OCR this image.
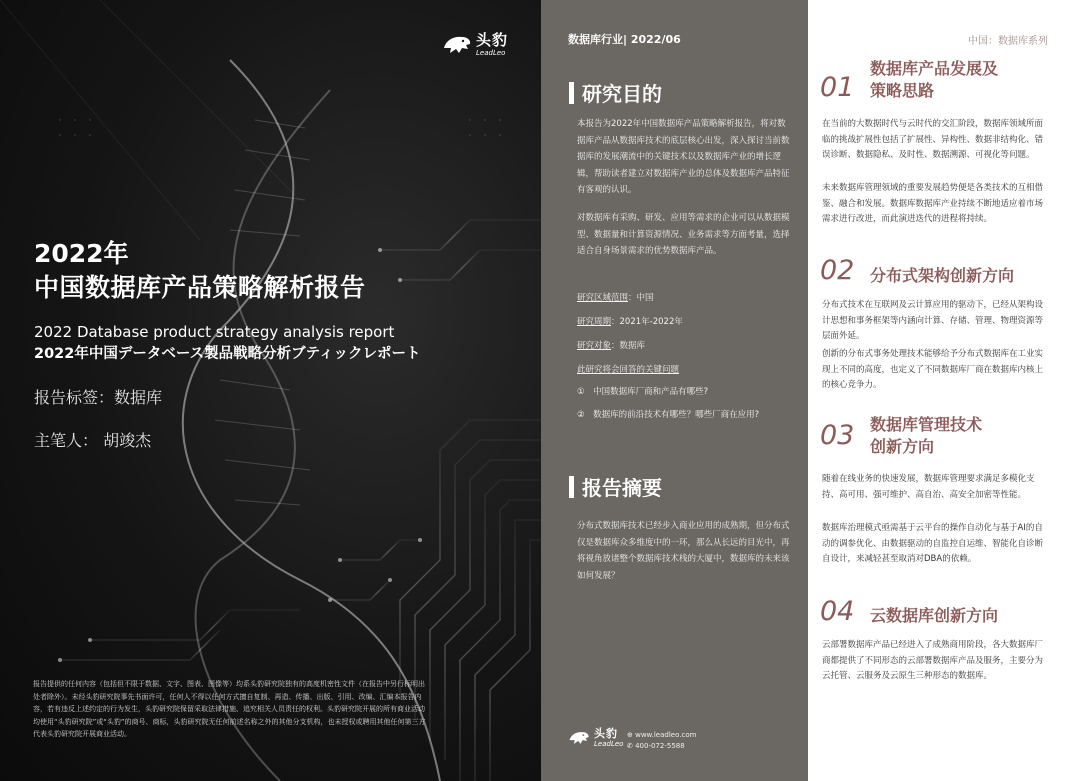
头豹
LeadLeo
2022年
中国数据库产品策略解析报告
2022 Database product strategy analysis report
2022年中国データベース製品戦略分析ブティックレポート
报告标签：数据库
主笔人： 胡竣杰
报告提供的任何内容（包括但不限于数据、文字、图表、图像等）均系头豹研究院独有的高度机密性文件（在报告中另行标明出处者除外）。未经头豹研究院事先书面许可，任何人不得以任何方式擅自复制、再造、传播、出版、引用、改编、汇编本报告内容，若有违反上述约定的行为发生，头豹研究院保留采取法律措施、追究相关人员责任的权利。头豹研究院开展的所有商业活动均使用“头豹研究院”或“头豹”的商号、商标，头豹研究院无任何前述名称之外的其他分支机构，也未授权或聘用其他任何第三方代表头豹研究院开展商业活动。
数据库行业| 2022/06
研究目的
本报告为2022年中国数据库产品策略解析报告，将对数据库产品从数据库技术的底层核心出发，深入探讨当前数据库的发展潮流中的关键技术以及数据库产业的增长逻辑，帮助读者建立对数据库产业的总体及数据库产品特征有客观的认识。
对数据库有采购、研发、应用等需求的企业可以从数据模型、数据量和计算资源情况、业务需求等方面考量，选择适合自身场景需求的优势数据库产品。
研究区域范围：中国
研究周期：2021年-2022年
研究对象：数据库
此研究将会回答的关键问题
①　中国数据库厂商和产品有哪些?
②　数据库的前沿技术有哪些？哪些厂商在应用?
报告摘要
分布式数据库技术已经步入商业应用的成熟期，但分布式仅是数据库众多维度中的一环，那么从长远的目光中，再将视角放诸整个数据库技术栈的大厦中，数据库的未来该如何发展？
头豹
LeadLeo
⊕ www.leadleo.com
✆ 400-072-5588
中国：数据库系列
01
数据库产品发展及
策略思路
在当前的大数据时代与云时代的交汇阶段，数据库领域所面临的挑战扩展性包括了扩展性、异构性、数据非结构化、错误诊断、数据隐私、及时性、数据溯源、可视化等问题。
未来数据库管理领域的重要发展趋势便是各类技术的互相借鉴、融合和发展。数据库数据库产业持续不断地适应着市场需求进行改进，而此演进迭代的进程将持续。
02 分布式架构创新方向
分布式技术在互联网及云计算应用的驱动下，已经从架构设计思想和事务框架等内涵向计算、存储、管理、物理资源等层面外延。
创新的分布式事务处理技术能够给予分布式数据库在工业实现上不同的高度，也定义了不同数据库厂商在数据库内核上的核心竞争力。
03 数据库管理技术
创新方向
随着在线业务的快速发展，数据库管理要求满足多模化支持、高可用、强可维护、高自治、高安全加密等性能。
数据库治理模式亟需基于云平台的操作自动化与基于AI的自动的调参优化、由数据驱动的自监控自运维、智能化自诊断自设计，来减轻甚至取消对DBA的依赖。
04 云数据库创新方向
云部署数据库产品已经进入了成熟商用阶段，各大数据库厂商都提供了不同形态的云部署数据库产品及服务，主要分为云托管、云服务及云原生三种形态的数据库。
